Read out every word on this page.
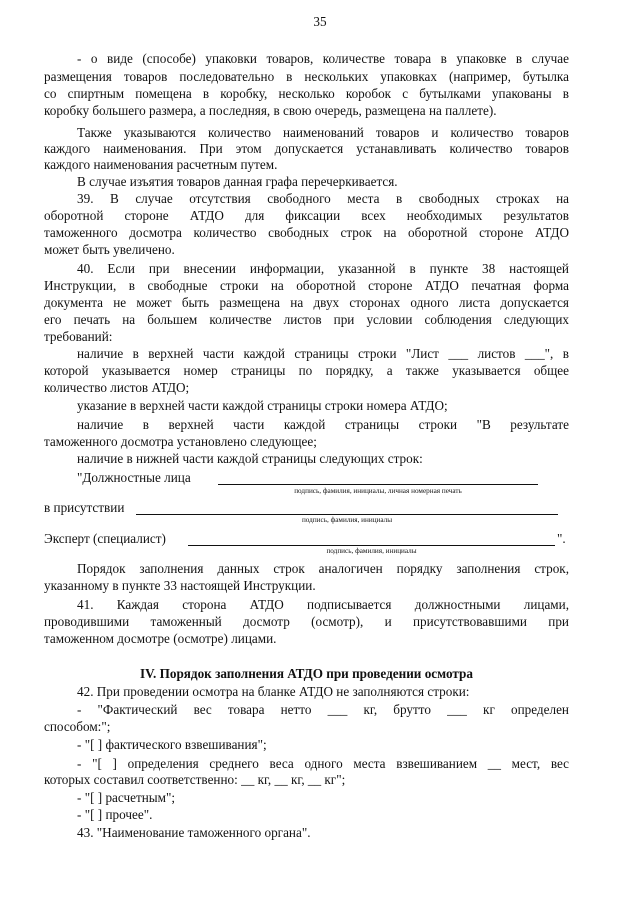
35
- о виде (способе) упаковки товаров, количестве товара в упаковке в случае
размещения товаров последовательно в нескольких упаковках (например, бутылка
со спиртным помещена в коробку, несколько коробок с бутылками упакованы в
коробку большего размера, а последняя, в свою очередь, размещена на паллете).
Также указываются количество наименований товаров и количество товаров
каждого наименования. При этом допускается устанавливать количество товаров
каждого наименования расчетным путем.
В случае изъятия товаров данная графа перечеркивается.
39. В случае отсутствия свободного места в свободных строках на
оборотной стороне АТДО для фиксации всех необходимых результатов
таможенного досмотра количество свободных строк на оборотной стороне АТДО
может быть увеличено.
40. Если при внесении информации, указанной в пункте 38 настоящей
Инструкции, в свободные строки на оборотной стороне АТДО печатная форма
документа не может быть размещена на двух сторонах одного листа допускается
его печать на большем количестве листов при условии соблюдения следующих
требований:
наличие в верхней части каждой страницы строки "Лист ___ листов ___", в
которой указывается номер страницы по порядку, а также указывается общее
количество листов АТДО;
указание в верхней части каждой страницы строки номера АТДО;
наличие в верхней части каждой страницы строки "В результате
таможенного досмотра установлено следующее;
наличие в нижней части каждой страницы следующих строк:
"Должностные лица
подпись, фамилия, инициалы, личная номерная печать
в присутствии
подпись, фамилия, инициалы
Эксперт (специалист)	".
подпись, фамилия, инициалы
Порядок заполнения данных строк аналогичен порядку заполнения строк,
указанному в пункте 33 настоящей Инструкции.
41. Каждая сторона АТДО подписывается должностными лицами,
проводившими таможенный досмотр (осмотр), и присутствовавшими при
таможенном досмотре (осмотре) лицами.
IV. Порядок заполнения АТДО при проведении осмотра
42. При проведении осмотра на бланке АТДО не заполняются строки:
- "Фактический вес товара нетто ___ кг, брутто ___ кг определен
способом:";
- "[ ] фактического взвешивания";
- "[ ] определения среднего веса одного места взвешиванием __ мест, вес
которых составил соответственно: __ кг, __ кг, __ кг";
- "[ ] расчетным";
- "[ ] прочее".
43. "Наименование таможенного органа".
